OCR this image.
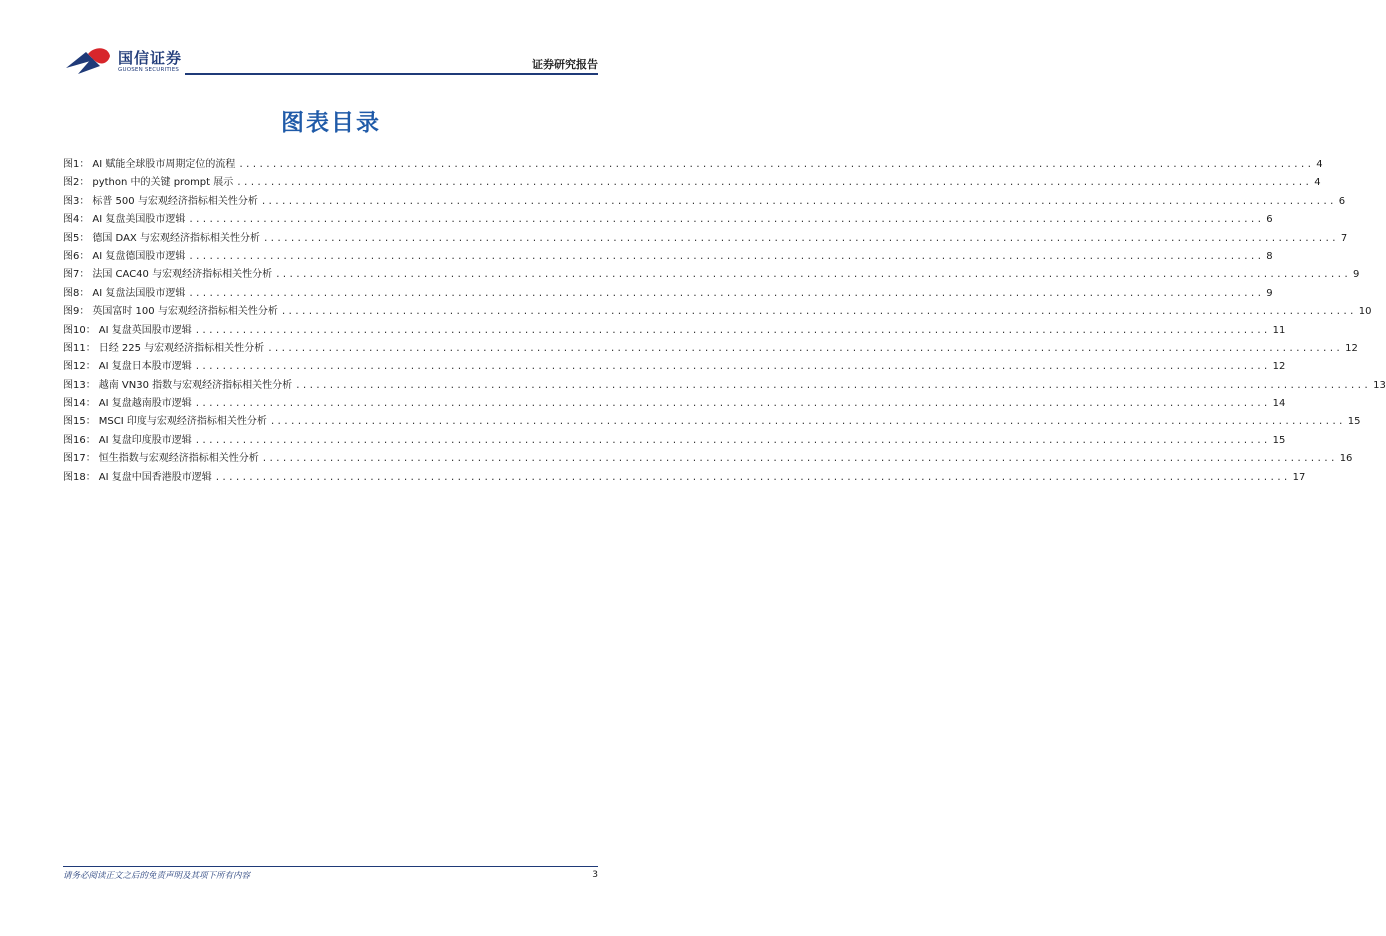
国信证券
GUOSEN SECURITIES	证券研究报告
图表目录
图1： AI 赋能全球股市周期定位的流程 ................................................................................................................................................................ 4
图2： python 中的关键 prompt 展示 ................................................................................................................................................................ 4
图3： 标普 500 与宏观经济指标相关性分析 ................................................................................................................................................................ 6
图4： AI 复盘美国股市逻辑 ................................................................................................................................................................ 6
图5： 德国 DAX 与宏观经济指标相关性分析 ................................................................................................................................................................ 7
图6： AI 复盘德国股市逻辑 ................................................................................................................................................................ 8
图7： 法国 CAC40 与宏观经济指标相关性分析 ................................................................................................................................................................ 9
图8： AI 复盘法国股市逻辑 ................................................................................................................................................................ 9
图9： 英国富时 100 与宏观经济指标相关性分析 ................................................................................................................................................................ 10
图10： AI 复盘英国股市逻辑 ................................................................................................................................................................ 11
图11： 日经 225 与宏观经济指标相关性分析 ................................................................................................................................................................ 12
图12： AI 复盘日本股市逻辑 ................................................................................................................................................................ 12
图13： 越南 VN30 指数与宏观经济指标相关性分析 ................................................................................................................................................................ 13
图14： AI 复盘越南股市逻辑 ................................................................................................................................................................ 14
图15： MSCI 印度与宏观经济指标相关性分析 ................................................................................................................................................................ 15
图16： AI 复盘印度股市逻辑 ................................................................................................................................................................ 15
图17： 恒生指数与宏观经济指标相关性分析 ................................................................................................................................................................ 16
图18： AI 复盘中国香港股市逻辑 ................................................................................................................................................................ 17
请务必阅读正文之后的免责声明及其项下所有内容	3
